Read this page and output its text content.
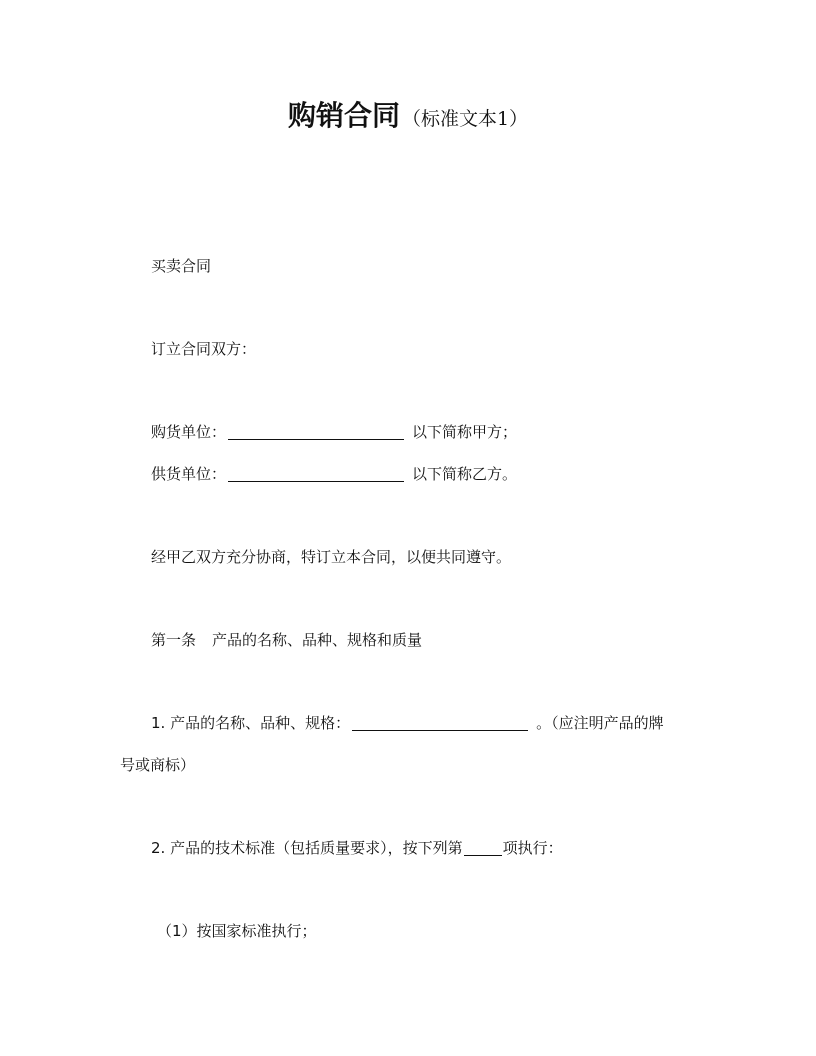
购销合同 （标准文本1）
买卖合同
订立合同双方：
购货单位：	以下简称甲方；
供货单位：	以下简称乙方。
经甲乙双方充分协商，特订立本合同，以便共同遵守。
第一条 产品的名称、品种、规格和质量
1. 产品的名称、品种、规格：	。（应注明产品的牌
号或商标）
2. 产品的技术标准（包括质量要求），按下列第	项执行：
（1）按国家标准执行；
